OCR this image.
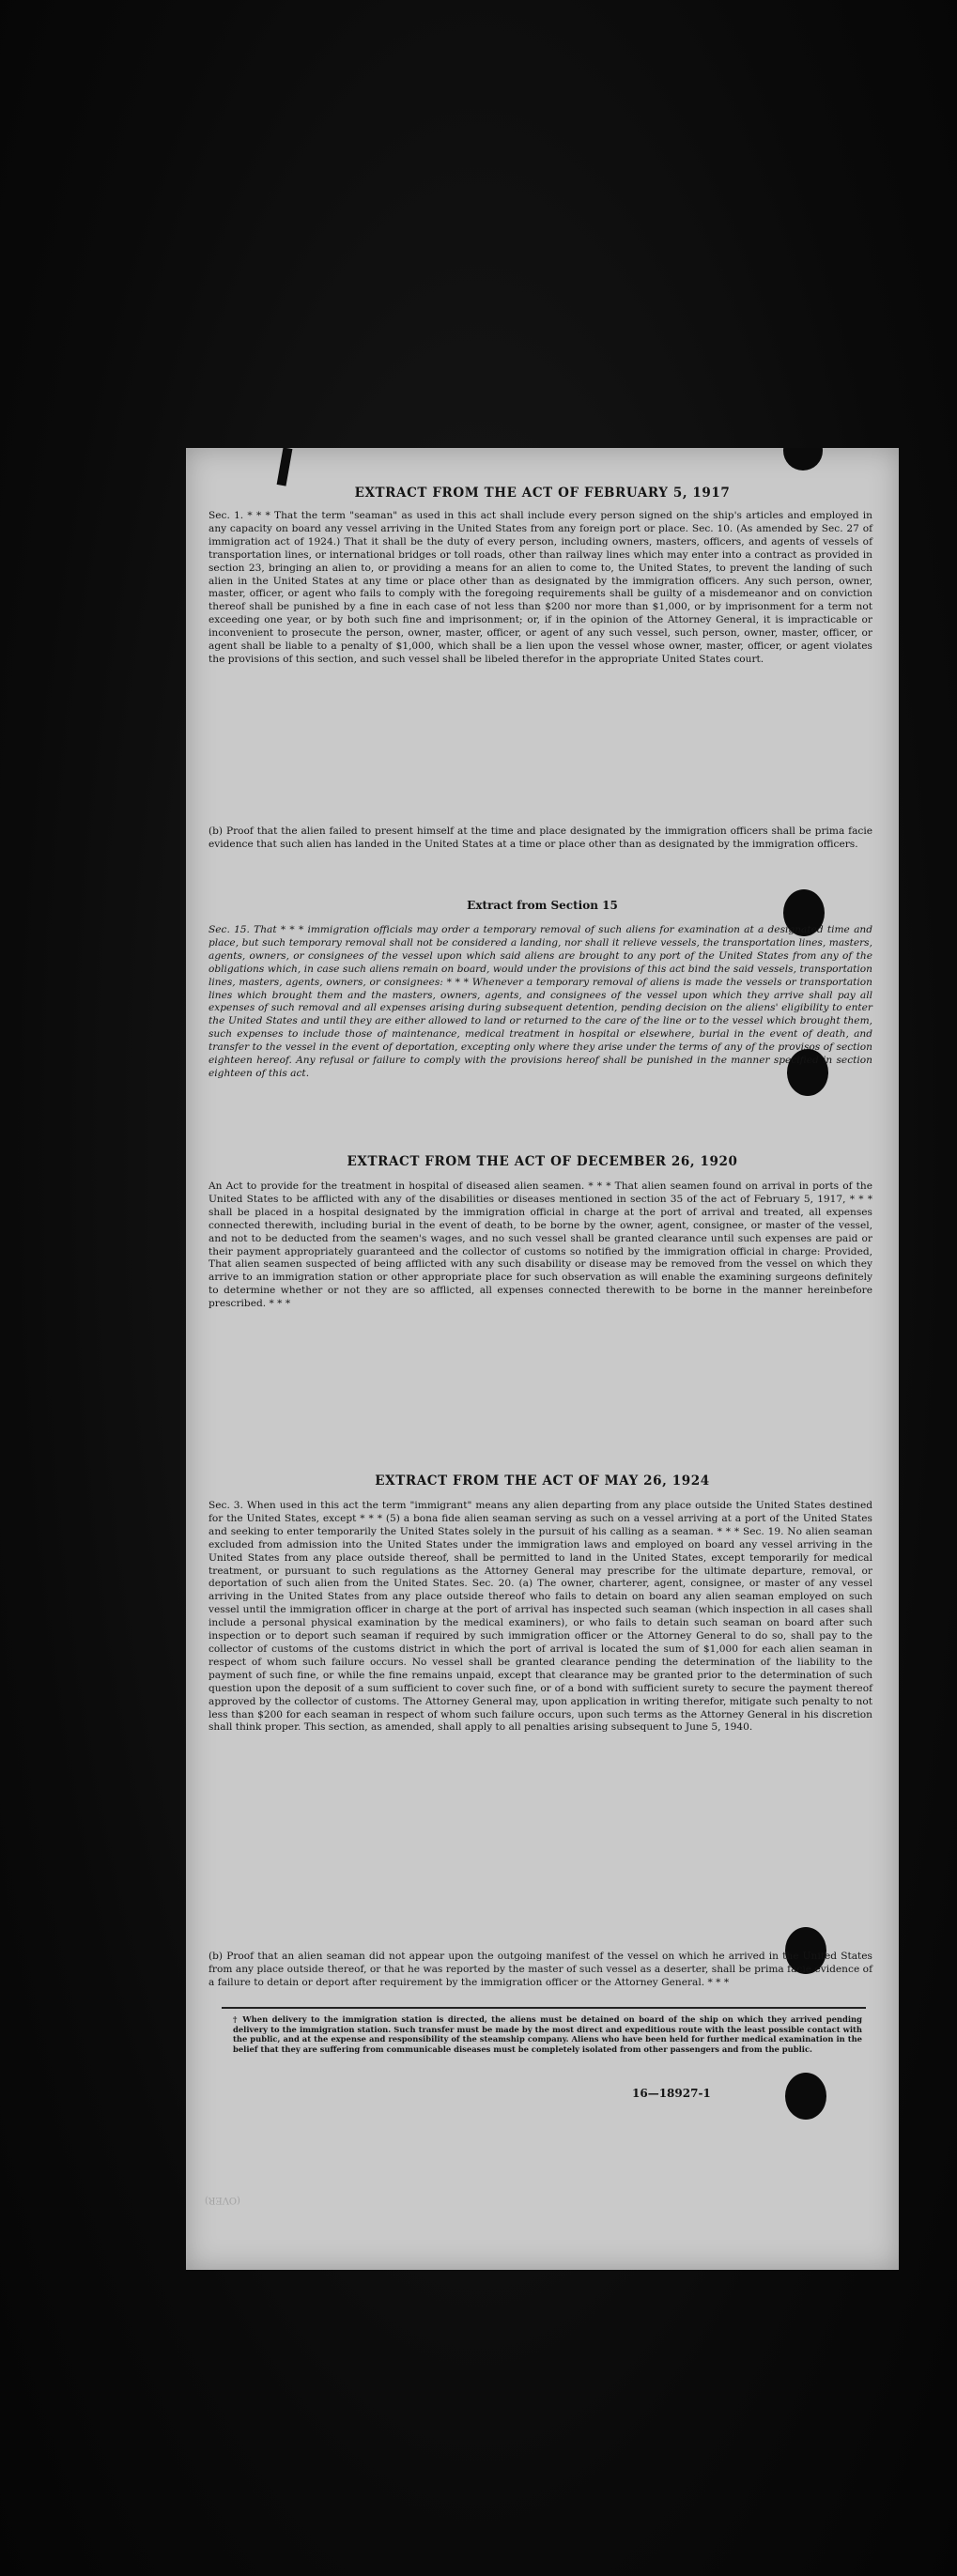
EXTRACT FROM THE ACT OF FEBRUARY 5, 1917

Sec. 1. * * * That the term "seaman" as used in this act shall include every person signed on the ship's articles and employed in any capacity on board any vessel arriving in the United States from any foreign port or place. Sec. 10. (As amended by Sec. 27 of immigration act of 1924.) That it shall be the duty of every person, including owners, masters, officers, and agents of vessels of transportation lines, or international bridges or toll roads, other than railway lines which may enter into a contract as provided in section 23, bringing an alien to, or providing a means for an alien to come to, the United States, to prevent the landing of such alien in the United States at any time or place other than as designated by the immigration officers. Any such person, owner, master, officer, or agent who fails to comply with the foregoing requirements shall be guilty of a misdemeanor and on conviction thereof shall be punished by a fine in each case of not less than $200 nor more than $1,000, or by imprisonment for a term not exceeding one year, or by both such fine and imprisonment; or, if in the opinion of the Attorney General, it is impracticable or inconvenient to prosecute the person, owner, master, officer, or agent of any such vessel, such person, owner, master, officer, or agent shall be liable to a penalty of $1,000, which shall be a lien upon the vessel whose owner, master, officer, or agent violates the provisions of this section, and such vessel shall be libeled therefor in the appropriate United States court.

(b) Proof that the alien failed to present himself at the time and place designated by the immigration officers shall be prima facie evidence that such alien has landed in the United States at a time or place other than as designated by the immigration officers.

Extract from Section 15

Sec. 15. That * * * immigration officials may order a temporary removal of such aliens for examination at a designated time and place, but such temporary removal shall not be considered a landing, nor shall it relieve vessels, the transportation lines, masters, agents, owners, or consignees of the vessel upon which said aliens are brought to any port of the United States from any of the obligations which, in case such aliens remain on board, would under the provisions of this act bind the said vessels, transportation lines, masters, agents, owners, or consignees: * * * Whenever a temporary removal of aliens is made the vessels or transportation lines which brought them and the masters, owners, agents, and consignees of the vessel upon which they arrive shall pay all expenses of such removal and all expenses arising during subsequent detention, pending decision on the aliens' eligibility to enter the United States and until they are either allowed to land or returned to the care of the line or to the vessel which brought them, such expenses to include those of maintenance, medical treatment in hospital or elsewhere, burial in the event of death, and transfer to the vessel in the event of deportation, excepting only where they arise under the terms of any of the provisos of section eighteen hereof. Any refusal or failure to comply with the provisions hereof shall be punished in the manner specified in section eighteen of this act.

EXTRACT FROM THE ACT OF DECEMBER 26, 1920

An Act to provide for the treatment in hospital of diseased alien seamen. * * * That alien seamen found on arrival in ports of the United States to be afflicted with any of the disabilities or diseases mentioned in section 35 of the act of February 5, 1917, * * * shall be placed in a hospital designated by the immigration official in charge at the port of arrival and treated, all expenses connected therewith, including burial in the event of death, to be borne by the owner, agent, consignee, or master of the vessel, and not to be deducted from the seamen's wages, and no such vessel shall be granted clearance until such expenses are paid or their payment appropriately guaranteed and the collector of customs so notified by the immigration official in charge: Provided, That alien seamen suspected of being afflicted with any such disability or disease may be removed from the vessel on which they arrive to an immigration station or other appropriate place for such observation as will enable the examining surgeons definitely to determine whether or not they are so afflicted, all expenses connected therewith to be borne in the manner hereinbefore prescribed. * * *

EXTRACT FROM THE ACT OF MAY 26, 1924

Sec. 3. When used in this act the term "immigrant" means any alien departing from any place outside the United States destined for the United States, except * * * (5) a bona fide alien seaman serving as such on a vessel arriving at a port of the United States and seeking to enter temporarily the United States solely in the pursuit of his calling as a seaman. * * * Sec. 19. No alien seaman excluded from admission into the United States under the immigration laws and employed on board any vessel arriving in the United States from any place outside thereof, shall be permitted to land in the United States, except temporarily for medical treatment, or pursuant to such regulations as the Attorney General may prescribe for the ultimate departure, removal, or deportation of such alien from the United States. Sec. 20. (a) The owner, charterer, agent, consignee, or master of any vessel arriving in the United States from any place outside thereof who fails to detain on board any alien seaman employed on such vessel until the immigration officer in charge at the port of arrival has inspected such seaman (which inspection in all cases shall include a personal physical examination by the medical examiners), or who fails to detain such seaman on board after such inspection or to deport such seaman if required by such immigration officer or the Attorney General to do so, shall pay to the collector of customs of the customs district in which the port of arrival is located the sum of $1,000 for each alien seaman in respect of whom such failure occurs. No vessel shall be granted clearance pending the determination of the liability to the payment of such fine, or while the fine remains unpaid, except that clearance may be granted prior to the determination of such question upon the deposit of a sum sufficient to cover such fine, or of a bond with sufficient surety to secure the payment thereof approved by the collector of customs. The Attorney General may, upon application in writing therefor, mitigate such penalty to not less than $200 for each seaman in respect of whom such failure occurs, upon such terms as the Attorney General in his discretion shall think proper. This section, as amended, shall apply to all penalties arising subsequent to June 5, 1940.

(b) Proof that an alien seaman did not appear upon the outgoing manifest of the vessel on which he arrived in the United States from any place outside thereof, or that he was reported by the master of such vessel as a deserter, shall be prima facie evidence of a failure to detain or deport after requirement by the immigration officer or the Attorney General. * * *

† When delivery to the immigration station is directed, the aliens must be detained on board of the ship on which they arrived pending delivery to the immigration station. Such transfer must be made by the most direct and expeditious route with the least possible contact with the public, and at the expense and responsibility of the steamship company. Aliens who have been held for further medical examination in the belief that they are suffering from communicable diseases must be completely isolated from other passengers and from the public.

16—18927-1
(OVER)
